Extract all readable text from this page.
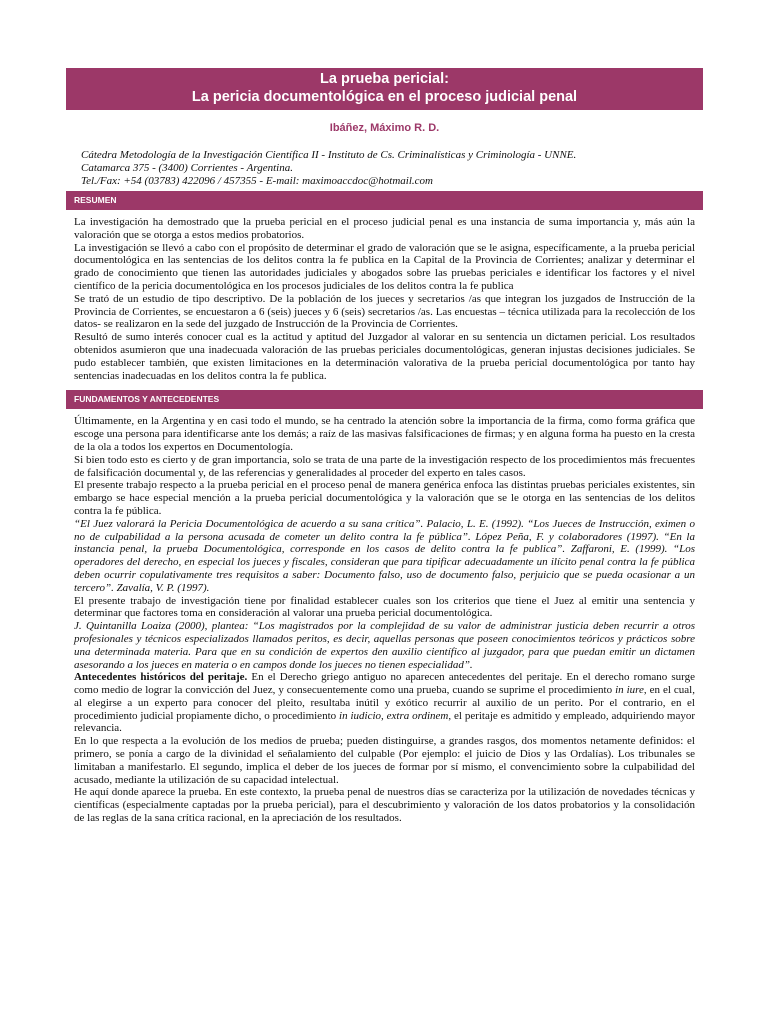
La prueba pericial:
La pericia documentológica en el proceso judicial penal
Ibáñez, Máximo R. D.
Cátedra Metodología de la Investigación Científica II - Instituto de Cs. Criminalísticas y Criminología - UNNE.
Catamarca 375 - (3400) Corrientes - Argentina.
Tel./Fax: +54 (03783) 422096 / 457355 - E-mail: maximoaccdoc@hotmail.com
RESUMEN

La investigación ha demostrado que la prueba pericial en el proceso judicial penal es una instancia de suma importancia y, más aún la valoración que se otorga a estos medios probatorios.

La investigación se llevó a cabo con el propósito de determinar el grado de valoración que se le asigna, específicamente, a la prueba pericial documentológica en las sentencias de los delitos contra la fe publica en la Capital de la Provincia de Corrientes; analizar y determinar el grado de conocimiento que tienen las autoridades judiciales y abogados sobre las pruebas periciales e identificar los factores y el nivel científico de la pericia documentológica en los procesos judiciales de los delitos contra la fe publica

Se trató de un estudio de tipo descriptivo. De la población de los jueces y secretarios /as que integran los juzgados de Instrucción de la Provincia de Corrientes, se encuestaron a 6 (seis) jueces y 6 (seis) secretarios /as. Las encuestas – técnica utilizada para la recolección de los datos- se realizaron en la sede del juzgado de Instrucción de la Provincia de Corrientes.

Resultó de sumo interés conocer cual es la actitud y aptitud del Juzgador al valorar en su sentencia un dictamen pericial. Los resultados obtenidos asumieron que una inadecuada valoración de las pruebas periciales documentológicas, generan injustas decisiones judiciales. Se pudo establecer también, que existen limitaciones en la determinación valorativa de la prueba pericial documentológica por tanto hay sentencias inadecuadas en los delitos contra la fe publica.

FUNDAMENTOS Y ANTECEDENTES

Últimamente, en la Argentina y en casi todo el mundo, se ha centrado la atención sobre la importancia de la firma, como forma gráfica que escoge una persona para identificarse ante los demás; a raíz de las masivas falsificaciones de firmas; y en alguna forma ha puesto en la cresta de la ola a todos los expertos en Documentología.

Si bien todo esto es cierto y de gran importancia, solo se trata de una parte de la investigación respecto de los procedimientos más frecuentes de falsificación documental y, de las referencias y generalidades al proceder del experto en tales casos.

El presente trabajo respecto a la prueba pericial en el proceso penal de manera genérica enfoca las distintas pruebas periciales existentes, sin embargo se hace especial mención a la prueba pericial documentológica y la valoración que se le otorga en las sentencias de los delitos contra la fe pública.

“El Juez valorará la Pericia Documentológica de acuerdo a su sana crítica”. Palacio, L. E. (1992). “Los Jueces de Instrucción, eximen o no de culpabilidad a la persona acusada de cometer un delito contra la fe pública”. López Peña, F. y colaboradores (1997). “En la instancia penal, la prueba Documentológica, corresponde en los casos de delito contra la fe publica”. Zaffaroni, E. (1999). “Los operadores del derecho, en especial los jueces y fiscales, consideran que para tipificar adecuadamente un ilícito penal contra la fe pública deben ocurrir copulativamente tres requisitos a saber: Documento falso, uso de documento falso, perjuicio que se pueda ocasionar a un tercero”. Zavalía, V. P. (1997).

El presente trabajo de investigación tiene por finalidad establecer cuales son los criterios que tiene el Juez al emitir una sentencia y determinar que factores toma en consideración al valorar una prueba pericial documentológica.

J. Quintanilla Loaiza (2000), plantea: “Los magistrados por la complejidad de su valor de administrar justicia deben recurrir a otros profesionales y técnicos especializados llamados peritos, es decir, aquellas personas que poseen conocimientos teóricos y prácticos sobre una determinada materia. Para que en su condición de expertos den auxilio científico al juzgador, para que puedan emitir un dictamen asesorando a los jueces en materia o en campos donde los jueces no tienen especialidad”.

Antecedentes históricos del peritaje. En el Derecho griego antiguo no aparecen antecedentes del peritaje. En el derecho romano surge como medio de lograr la convicción del Juez, y consecuentemente como una prueba, cuando se suprime el procedimiento in iure, en el cual, al elegirse a un experto para conocer del pleito, resultaba inútil y exótico recurrir al auxilio de un perito. Por el contrario, en el procedimiento judicial propiamente dicho, o procedimiento in iudicio, extra ordinem, el peritaje es admitido y empleado, adquiriendo mayor relevancia.

En lo que respecta a la evolución de los medios de prueba; pueden distinguirse, a grandes rasgos, dos momentos netamente definidos: el primero, se ponía a cargo de la divinidad el señalamiento del culpable (Por ejemplo: el juicio de Dios y las Ordalías). Los tribunales se limitaban a manifestarlo. El segundo, implica el deber de los jueces de formar por sí mismo, el convencimiento sobre la culpabilidad del acusado, mediante la utilización de su capacidad intelectual.

He aquí donde aparece la prueba. En este contexto, la prueba penal de nuestros días se caracteriza por la utilización de novedades técnicas y científicas (especialmente captadas por la prueba pericial), para el descubrimiento y valoración de los datos probatorios y la consolidación de las reglas de la sana crítica racional, en la apreciación de los resultados.
